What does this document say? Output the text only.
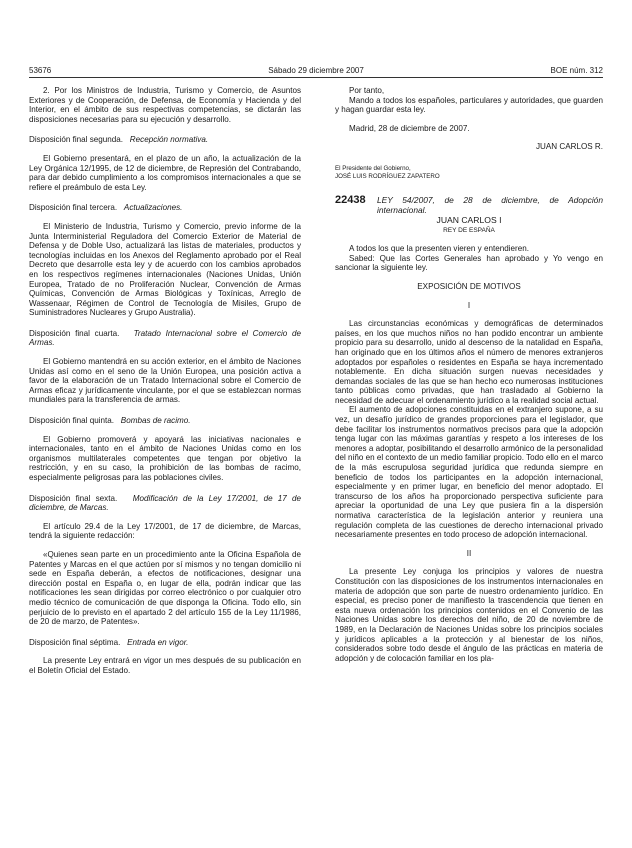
53676	Sábado 29 diciembre 2007	BOE núm. 312

2. Por los Ministros de Industria, Turismo y Comercio, de Asuntos Exteriores y de Cooperación, de Defensa, de Economía y Hacienda y del Interior, en el ámbito de sus respectivas competencias, se dictarán las disposiciones necesarias para su ejecución y desarrollo.

Disposición final segunda. Recepción normativa.

El Gobierno presentará, en el plazo de un año, la actualización de la Ley Orgánica 12/1995, de 12 de diciembre, de Represión del Contrabando, para dar debido cumplimiento a los compromisos internacionales a que se refiere el preámbulo de esta Ley.

Disposición final tercera. Actualizaciones.

El Ministerio de Industria, Turismo y Comercio, previo informe de la Junta Interministerial Reguladora del Comercio Exterior de Material de Defensa y de Doble Uso, actualizará las listas de materiales, productos y tecnologías incluidas en los Anexos del Reglamento aprobado por el Real Decreto que desarrolle esta ley y de acuerdo con los cambios aprobados en los respectivos regímenes internacionales (Naciones Unidas, Unión Europea, Tratado de no Proliferación Nuclear, Convención de Armas Químicas, Convención de Armas Biológicas y Toxínicas, Arreglo de Wassenaar, Régimen de Control de Tecnología de Misiles, Grupo de Suministradores Nucleares y Grupo Australia).

Disposición final cuarta. Tratado Internacional sobre el Comercio de Armas.

El Gobierno mantendrá en su acción exterior, en el ámbito de Naciones Unidas así como en el seno de la Unión Europea, una posición activa a favor de la elaboración de un Tratado Internacional sobre el Comercio de Armas eficaz y jurídicamente vinculante, por el que se establezcan normas mundiales para la transferencia de armas.

Disposición final quinta. Bombas de racimo.

El Gobierno promoverá y apoyará las iniciativas nacionales e internacionales, tanto en el ámbito de Naciones Unidas como en los organismos multilaterales competentes que tengan por objetivo la restricción, y en su caso, la prohibición de las bombas de racimo, especialmente peligrosas para las poblaciones civiles.

Disposición final sexta. Modificación de la Ley 17/2001, de 17 de diciembre, de Marcas.

El artículo 29.4 de la Ley 17/2001, de 17 de diciembre, de Marcas, tendrá la siguiente redacción:

«Quienes sean parte en un procedimiento ante la Oficina Española de Patentes y Marcas en el que actúen por sí mismos y no tengan domicilio ni sede en España deberán, a efectos de notificaciones, designar una dirección postal en España o, en lugar de ella, podrán indicar que las notificaciones les sean dirigidas por correo electrónico o por cualquier otro medio técnico de comunicación de que disponga la Oficina. Todo ello, sin perjuicio de lo previsto en el apartado 2 del artículo 155 de la Ley 11/1986, de 20 de marzo, de Patentes».

Disposición final séptima. Entrada en vigor.

La presente Ley entrará en vigor un mes después de su publicación en el Boletín Oficial del Estado.

Por tanto,

Mando a todos los españoles, particulares y autoridades, que guarden y hagan guardar esta ley.

Madrid, 28 de diciembre de 2007.

JUAN CARLOS R.

El Presidente del Gobierno,

JOSÉ LUIS RODRÍGUEZ ZAPATERO

22438	LEY 54/2007, de 28 de diciembre, de Adopción internacional.

JUAN CARLOS I

REY DE ESPAÑA

A todos los que la presenten vieren y entendieren.

Sabed: Que las Cortes Generales han aprobado y Yo vengo en sancionar la siguiente ley.

EXPOSICIÓN DE MOTIVOS

I

Las circunstancias económicas y demográficas de determinados países, en los que muchos niños no han podido encontrar un ambiente propicio para su desarrollo, unido al descenso de la natalidad en España, han originado que en los últimos años el número de menores extranjeros adoptados por españoles o residentes en España se haya incrementado notablemente. En dicha situación surgen nuevas necesidades y demandas sociales de las que se han hecho eco numerosas instituciones tanto públicas como privadas, que han trasladado al Gobierno la necesidad de adecuar el ordenamiento jurídico a la realidad social actual.

El aumento de adopciones constituidas en el extranjero supone, a su vez, un desafío jurídico de grandes proporciones para el legislador, que debe facilitar los instrumentos normativos precisos para que la adopción tenga lugar con las máximas garantías y respeto a los intereses de los menores a adoptar, posibilitando el desarrollo armónico de la personalidad del niño en el contexto de un medio familiar propicio. Todo ello en el marco de la más escrupulosa seguridad jurídica que redunda siempre en beneficio de todos los participantes en la adopción internacional, especialmente y en primer lugar, en beneficio del menor adoptado. El transcurso de los años ha proporcionado perspectiva suficiente para apreciar la oportunidad de una Ley que pusiera fin a la dispersión normativa característica de la legislación anterior y reuniera una regulación completa de las cuestiones de derecho internacional privado necesariamente presentes en todo proceso de adopción internacional.

II

La presente Ley conjuga los principios y valores de nuestra Constitución con las disposiciones de los instrumentos internacionales en materia de adopción que son parte de nuestro ordenamiento jurídico. En especial, es preciso poner de manifiesto la trascendencia que tienen en esta nueva ordenación los principios contenidos en el Convenio de las Naciones Unidas sobre los derechos del niño, de 20 de noviembre de 1989, en la Declaración de Naciones Unidas sobre los principios sociales y jurídicos aplicables a la protección y al bienestar de los niños, considerados sobre todo desde el ángulo de las prácticas en materia de adopción y de colocación familiar en los pla-
